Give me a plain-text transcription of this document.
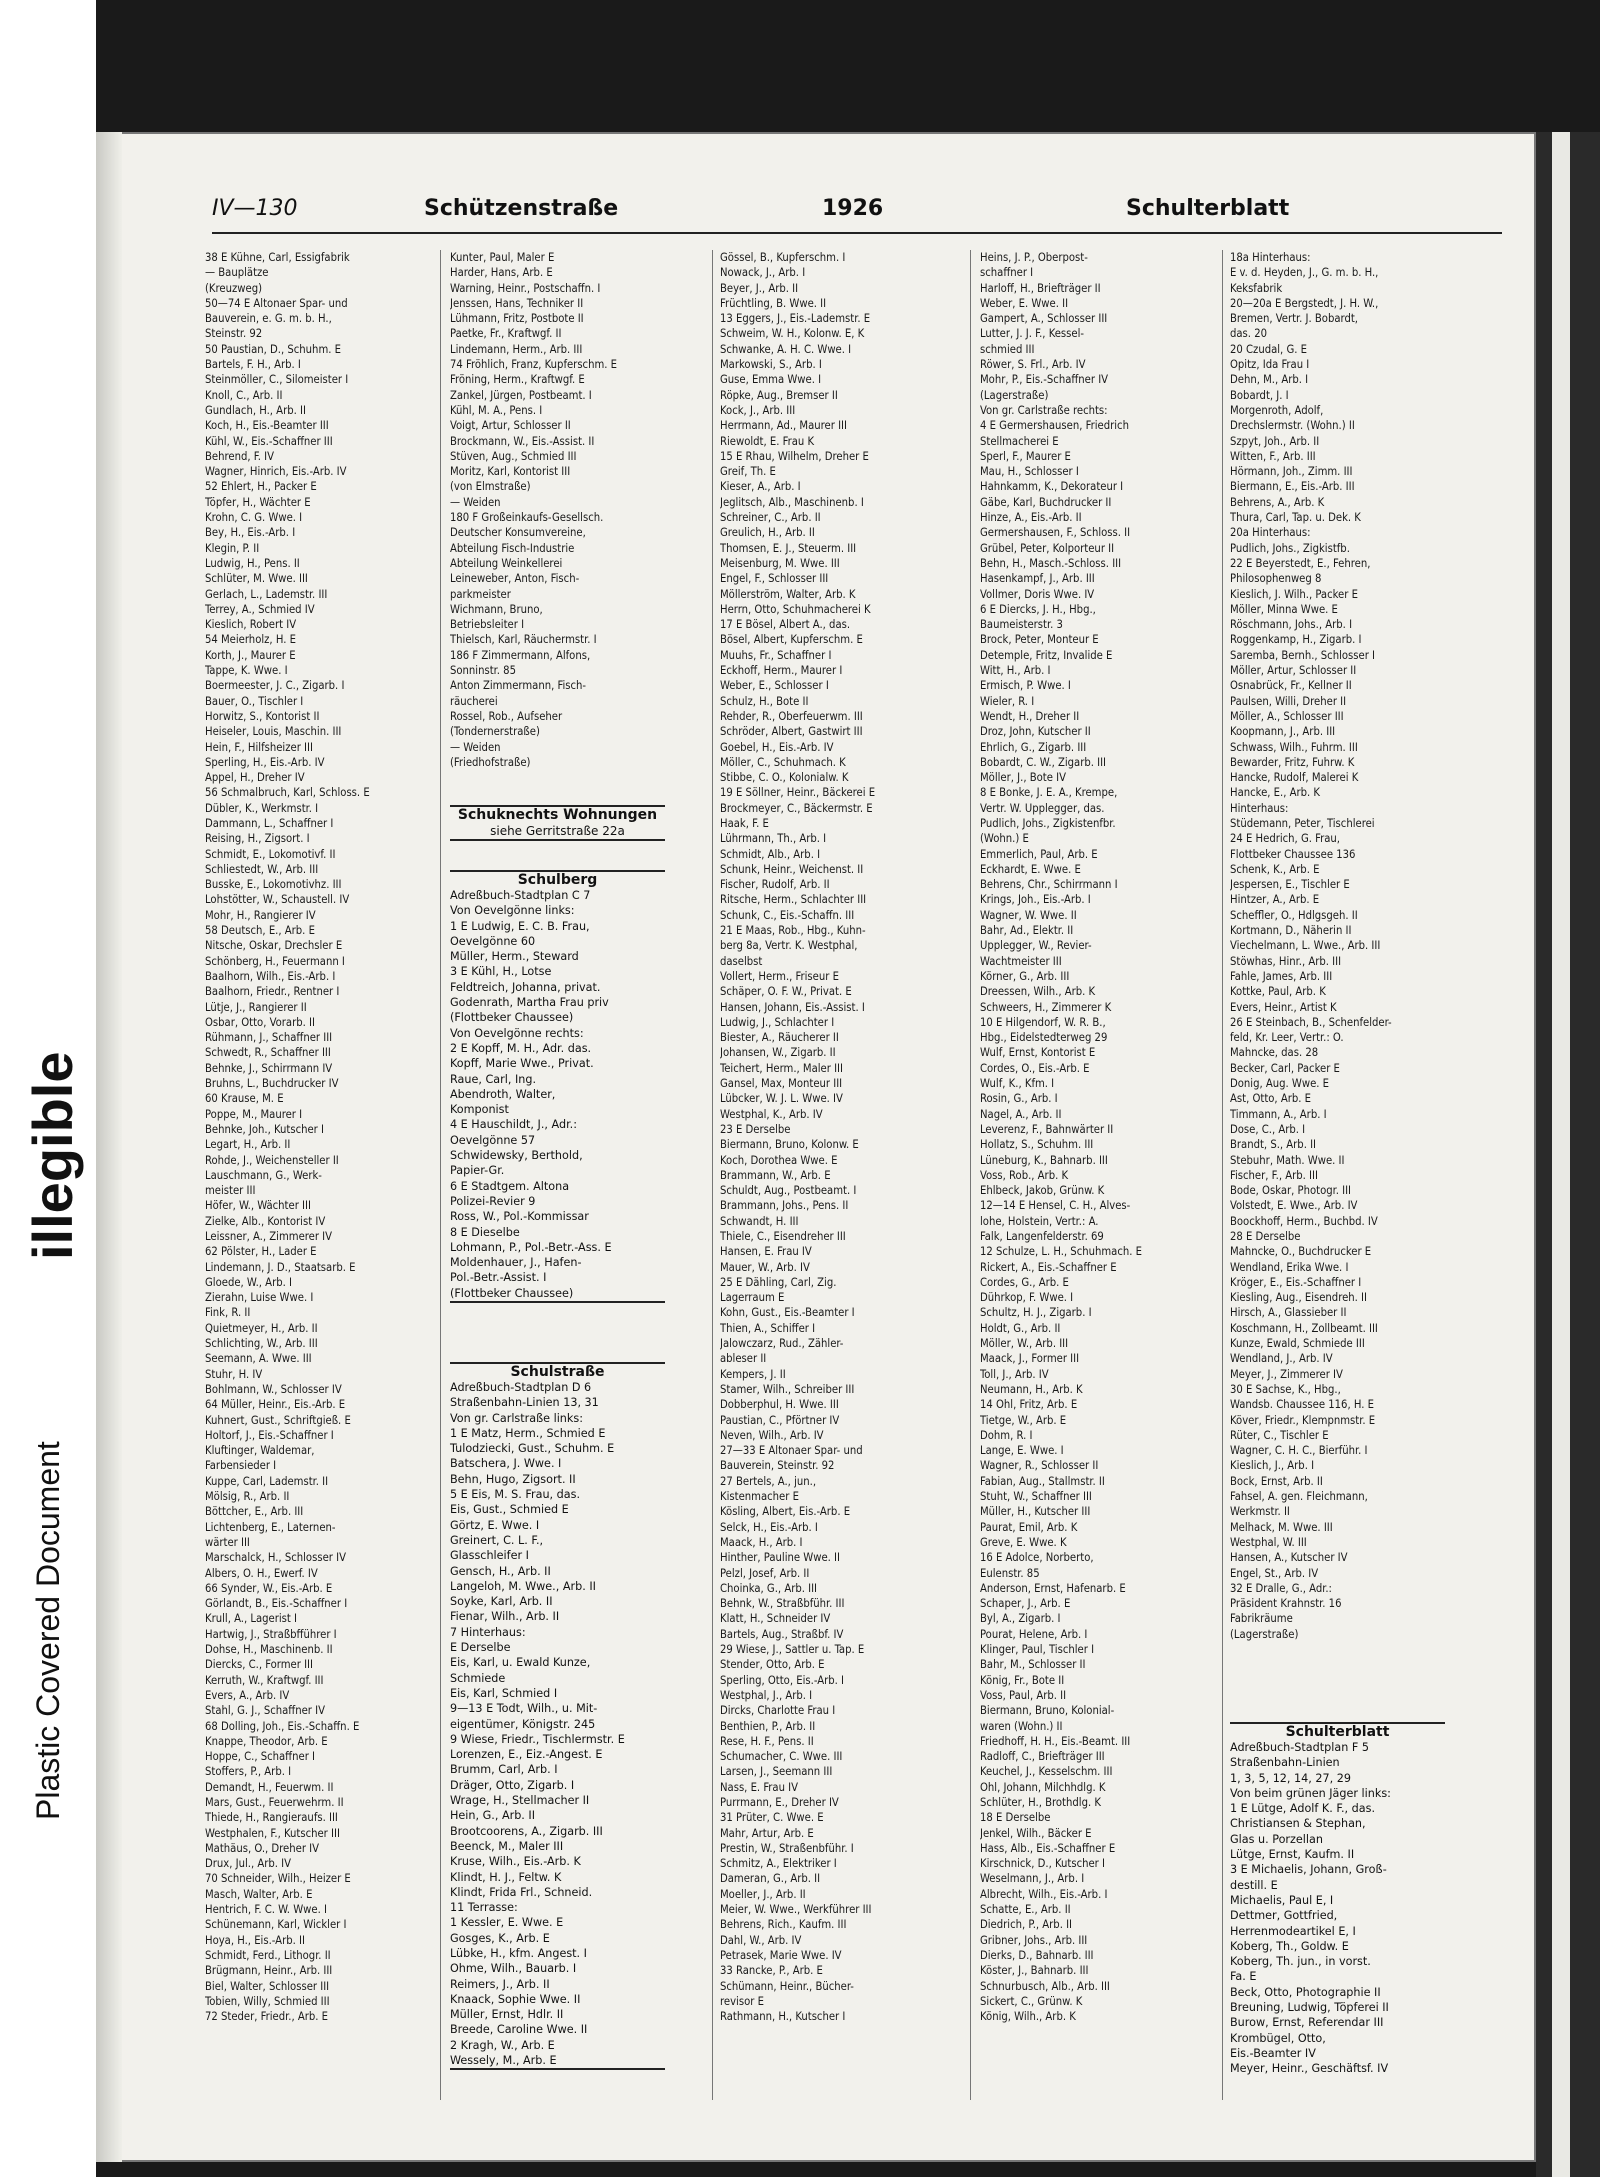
illegible
Plastic Covered Document
IV—130	Schützenstraße	1926	Schulterblatt

38 E Kühne, Carl, Essigfabrik

— Bauplätze

(Kreuzweg)

50—74 E Altonaer Spar- und

Bauverein, e. G. m. b. H.,

Steinstr. 92

50 Paustian, D., Schuhm. E

Bartels, F. H., Arb. I

Steinmöller, C., Silomeister I

Knoll, C., Arb. II

Gundlach, H., Arb. II

Koch, H., Eis.-Beamter III

Kühl, W., Eis.-Schaffner III

Behrend, F. IV

Wagner, Hinrich, Eis.-Arb. IV

52 Ehlert, H., Packer E

Töpfer, H., Wächter E

Krohn, C. G. Wwe. I

Bey, H., Eis.-Arb. I

Klegin, P. II

Ludwig, H., Pens. II

Schlüter, M. Wwe. III

Gerlach, L., Lademstr. III

Terrey, A., Schmied IV

Kieslich, Robert IV

54 Meierholz, H. E

Korth, J., Maurer E

Tappe, K. Wwe. I

Boermeester, J. C., Zigarb. I

Bauer, O., Tischler I

Horwitz, S., Kontorist II

Heiseler, Louis, Maschin. III

Hein, F., Hilfsheizer III

Sperling, H., Eis.-Arb. IV

Appel, H., Dreher IV

56 Schmalbruch, Karl, Schloss. E

Dübler, K., Werkmstr. I

Dammann, L., Schaffner I

Reising, H., Zigsort. I

Schmidt, E., Lokomotivf. II

Schliestedt, W., Arb. III

Busske, E., Lokomotivhz. III

Lohstötter, W., Schaustell. IV

Mohr, H., Rangierer IV

58 Deutsch, E., Arb. E

Nitsche, Oskar, Drechsler E

Schönberg, H., Feuermann I

Baalhorn, Wilh., Eis.-Arb. I

Baalhorn, Friedr., Rentner I

Lütje, J., Rangierer II

Osbar, Otto, Vorarb. II

Rühmann, J., Schaffner III

Schwedt, R., Schaffner III

Behnke, J., Schirrmann IV

Bruhns, L., Buchdrucker IV

60 Krause, M. E

Poppe, M., Maurer I

Behnke, Joh., Kutscher I

Legart, H., Arb. II

Rohde, J., Weichensteller II

Lauschmann, G., Werk-

meister III

Höfer, W., Wächter III

Zielke, Alb., Kontorist IV

Leissner, A., Zimmerer IV

62 Pölster, H., Lader E

Lindemann, J. D., Staatsarb. E

Gloede, W., Arb. I

Zierahn, Luise Wwe. I

Fink, R. II

Quietmeyer, H., Arb. II

Schlichting, W., Arb. III

Seemann, A. Wwe. III

Stuhr, H. IV

Bohlmann, W., Schlosser IV

64 Müller, Heinr., Eis.-Arb. E

Kuhnert, Gust., Schriftgieß. E

Holtorf, J., Eis.-Schaffner I

Kluftinger, Waldemar,

Farbensieder I

Kuppe, Carl, Lademstr. II

Mölsig, R., Arb. II

Böttcher, E., Arb. III

Lichtenberg, E., Laternen-

wärter III

Marschalck, H., Schlosser IV

Albers, O. H., Ewerf. IV

66 Synder, W., Eis.-Arb. E

Görlandt, B., Eis.-Schaffner I

Krull, A., Lagerist I

Hartwig, J., Straßbfführer I

Dohse, H., Maschinenb. II

Diercks, C., Former III

Kerruth, W., Kraftwgf. III

Evers, A., Arb. IV

Stahl, G. J., Schaffner IV

68 Dolling, Joh., Eis.-Schaffn. E

Knappe, Theodor, Arb. E

Hoppe, C., Schaffner I

Stoffers, P., Arb. I

Demandt, H., Feuerwm. II

Mars, Gust., Feuerwehrm. II

Thiede, H., Rangieraufs. III

Westphalen, F., Kutscher III

Mathäus, O., Dreher IV

Drux, Jul., Arb. IV

70 Schneider, Wilh., Heizer E

Masch, Walter, Arb. E

Hentrich, F. C. W. Wwe. I

Schünemann, Karl, Wickler I

Hoya, H., Eis.-Arb. II

Schmidt, Ferd., Lithogr. II

Brügmann, Heinr., Arb. III

Biel, Walter, Schlosser III

Tobien, Willy, Schmied III

72 Steder, Friedr., Arb. E

Kunter, Paul, Maler E

Harder, Hans, Arb. E

Warning, Heinr., Postschaffn. I

Jenssen, Hans, Techniker II

Lühmann, Fritz, Postbote II

Paetke, Fr., Kraftwgf. II

Lindemann, Herm., Arb. III

74 Fröhlich, Franz, Kupferschm. E

Fröning, Herm., Kraftwgf. E

Zankel, Jürgen, Postbeamt. I

Kühl, M. A., Pens. I

Voigt, Artur, Schlosser II

Brockmann, W., Eis.-Assist. II

Stüven, Aug., Schmied III

Moritz, Karl, Kontorist III

(von Elmstraße)

— Weiden

180 F Großeinkaufs-Gesellsch.

Deutscher Konsumvereine,

Abteilung Fisch-Industrie

Abteilung Weinkellerei

Leineweber, Anton, Fisch-

parkmeister

Wichmann, Bruno,

Betriebsleiter I

Thielsch, Karl, Räuchermstr. I

186 F Zimmermann, Alfons,

Sonninstr. 85

Anton Zimmermann, Fisch-

räucherei

Rossel, Rob., Aufseher

(Tondernerstraße)

— Weiden

(Friedhofstraße)

Gössel, B., Kupferschm. I

Nowack, J., Arb. I

Beyer, J., Arb. II

Früchtling, B. Wwe. II

13 Eggers, J., Eis.-Lademstr. E

Schweim, W. H., Kolonw. E, K

Schwanke, A. H. C. Wwe. I

Markowski, S., Arb. I

Guse, Emma Wwe. I

Röpke, Aug., Bremser II

Kock, J., Arb. III

Herrmann, Ad., Maurer III

Riewoldt, E. Frau K

15 E Rhau, Wilhelm, Dreher E

Greif, Th. E

Kieser, A., Arb. I

Jeglitsch, Alb., Maschinenb. I

Schreiner, C., Arb. II

Greulich, H., Arb. II

Thomsen, E. J., Steuerm. III

Meisenburg, M. Wwe. III

Engel, F., Schlosser III

Möllerström, Walter, Arb. K

Herrn, Otto, Schuhmacherei K

17 E Bösel, Albert A., das.

Bösel, Albert, Kupferschm. E

Muuhs, Fr., Schaffner I

Eckhoff, Herm., Maurer I

Weber, E., Schlosser I

Schulz, H., Bote II

Rehder, R., Oberfeuerwm. III

Schröder, Albert, Gastwirt III

Goebel, H., Eis.-Arb. IV

Möller, C., Schuhmach. K

Stibbe, C. O., Kolonialw. K

19 E Söllner, Heinr., Bäckerei E

Brockmeyer, C., Bäckermstr. E

Haak, F. E

Lührmann, Th., Arb. I

Schmidt, Alb., Arb. I

Schunk, Heinr., Weichenst. II

Fischer, Rudolf, Arb. II

Ritsche, Herm., Schlachter III

Schunk, C., Eis.-Schaffn. III

21 E Maas, Rob., Hbg., Kuhn-

berg 8a, Vertr. K. Westphal,

daselbst

Vollert, Herm., Friseur E

Schäper, O. F. W., Privat. E

Hansen, Johann, Eis.-Assist. I

Ludwig, J., Schlachter I

Biester, A., Räucherer II

Johansen, W., Zigarb. II

Teichert, Herm., Maler III

Gansel, Max, Monteur III

Lübcker, W. J. L. Wwe. IV

Westphal, K., Arb. IV

23 E Derselbe

Biermann, Bruno, Kolonw. E

Koch, Dorothea Wwe. E

Brammann, W., Arb. E

Schuldt, Aug., Postbeamt. I

Brammann, Johs., Pens. II

Schwandt, H. III

Thiele, C., Eisendreher III

Hansen, E. Frau IV

Mauer, W., Arb. IV

25 E Dähling, Carl, Zig.

Lagerraum E

Kohn, Gust., Eis.-Beamter I

Thien, A., Schiffer I

Jalowczarz, Rud., Zähler-

ableser II

Kempers, J. II

Stamer, Wilh., Schreiber III

Dobberphul, H. Wwe. III

Paustian, C., Pförtner IV

Neven, Wilh., Arb. IV

27—33 E Altonaer Spar- und

Bauverein, Steinstr. 92

27 Bertels, A., jun.,

Kistenmacher E

Kösling, Albert, Eis.-Arb. E

Selck, H., Eis.-Arb. I

Maack, H., Arb. I

Hinther, Pauline Wwe. II

Pelzl, Josef, Arb. II

Choinka, G., Arb. III

Behnk, W., Straßbführ. III

Klatt, H., Schneider IV

Bartels, Aug., Straßbf. IV

29 Wiese, J., Sattler u. Tap. E

Stender, Otto, Arb. E

Sperling, Otto, Eis.-Arb. I

Westphal, J., Arb. I

Dircks, Charlotte Frau I

Benthien, P., Arb. II

Rese, H. F., Pens. II

Schumacher, C. Wwe. III

Larsen, J., Seemann III

Nass, E. Frau IV

Purrmann, E., Dreher IV

31 Prüter, C. Wwe. E

Mahr, Artur, Arb. E

Prestin, W., Straßenbführ. I

Schmitz, A., Elektriker I

Dameran, G., Arb. II

Moeller, J., Arb. II

Meier, W. Wwe., Werkführer III

Behrens, Rich., Kaufm. III

Dahl, W., Arb. IV

Petrasek, Marie Wwe. IV

33 Rancke, P., Arb. E

Schümann, Heinr., Bücher-

revisor E

Rathmann, H., Kutscher I

Heins, J. P., Oberpost-

schaffner I

Harloff, H., Briefträger II

Weber, E. Wwe. II

Gampert, A., Schlosser III

Lutter, J. J. F., Kessel-

schmied III

Röwer, S. Frl., Arb. IV

Mohr, P., Eis.-Schaffner IV

(Lagerstraße)

Von gr. Carlstraße rechts:

4 E Germershausen, Friedrich

Stellmacherei E

Sperl, F., Maurer E

Mau, H., Schlosser I

Hahnkamm, K., Dekorateur I

Gäbe, Karl, Buchdrucker II

Hinze, A., Eis.-Arb. II

Germershausen, F., Schloss. II

Grübel, Peter, Kolporteur II

Behn, H., Masch.-Schloss. III

Hasenkampf, J., Arb. III

Vollmer, Doris Wwe. IV

6 E Diercks, J. H., Hbg.,

Baumeisterstr. 3

Brock, Peter, Monteur E

Detemple, Fritz, Invalide E

Witt, H., Arb. I

Ermisch, P. Wwe. I

Wieler, R. I

Wendt, H., Dreher II

Droz, John, Kutscher II

Ehrlich, G., Zigarb. III

Bobardt, C. W., Zigarb. III

Möller, J., Bote IV

8 E Bonke, J. E. A., Krempe,

Vertr. W. Upplegger, das.

Pudlich, Johs., Zigkistenfbr.

(Wohn.) E

Emmerlich, Paul, Arb. E

Eckhardt, E. Wwe. E

Behrens, Chr., Schirrmann I

Krings, Joh., Eis.-Arb. I

Wagner, W. Wwe. II

Bahr, Ad., Elektr. II

Upplegger, W., Revier-

Wachtmeister III

Körner, G., Arb. III

Dreessen, Wilh., Arb. K

Schweers, H., Zimmerer K

10 E Hilgendorf, W. R. B.,

Hbg., Eidelstedterweg 29

Wulf, Ernst, Kontorist E

Cordes, O., Eis.-Arb. E

Wulf, K., Kfm. I

Rosin, G., Arb. I

Nagel, A., Arb. II

Leverenz, F., Bahnwärter II

Hollatz, S., Schuhm. III

Lüneburg, K., Bahnarb. III

Voss, Rob., Arb. K

Ehlbeck, Jakob, Grünw. K

12—14 E Hensel, C. H., Alves-

lohe, Holstein, Vertr.: A.

Falk, Langenfelderstr. 69

12 Schulze, L. H., Schuhmach. E

Rickert, A., Eis.-Schaffner E

Cordes, G., Arb. E

Dührkop, F. Wwe. I

Schultz, H. J., Zigarb. I

Holdt, G., Arb. II

Möller, W., Arb. III

Maack, J., Former III

Toll, J., Arb. IV

Neumann, H., Arb. K

14 Ohl, Fritz, Arb. E

Tietge, W., Arb. E

Dohm, R. I

Lange, E. Wwe. I

Wagner, R., Schlosser II

Fabian, Aug., Stallmstr. II

Stuht, W., Schaffner III

Müller, H., Kutscher III

Paurat, Emil, Arb. K

Greve, E. Wwe. K

16 E Adolce, Norberto,

Eulenstr. 85

Anderson, Ernst, Hafenarb. E

Schaper, J., Arb. E

Byl, A., Zigarb. I

Pourat, Helene, Arb. I

Klinger, Paul, Tischler I

Bahr, M., Schlosser II

König, Fr., Bote II

Voss, Paul, Arb. II

Biermann, Bruno, Kolonial-

waren (Wohn.) II

Friedhoff, H. H., Eis.-Beamt. III

Radloff, C., Briefträger III

Keuchel, J., Kesselschm. III

Ohl, Johann, Milchhdlg. K

Schlüter, H., Brothdlg. K

18 E Derselbe

Jenkel, Wilh., Bäcker E

Hass, Alb., Eis.-Schaffner E

Kirschnick, D., Kutscher I

Weselmann, J., Arb. I

Albrecht, Wilh., Eis.-Arb. I

Schatte, E., Arb. II

Diedrich, P., Arb. II

Gribner, Johs., Arb. III

Dierks, D., Bahnarb. III

Köster, J., Bahnarb. III

Schnurbusch, Alb., Arb. III

Sickert, C., Grünw. K

König, Wilh., Arb. K

18a Hinterhaus:

E v. d. Heyden, J., G. m. b. H.,

Keksfabrik

20—20a E Bergstedt, J. H. W.,

Bremen, Vertr. J. Bobardt,

das. 20

20 Czudal, G. E

Opitz, Ida Frau I

Dehn, M., Arb. I

Bobardt, J. I

Morgenroth, Adolf,

Drechslermstr. (Wohn.) II

Szpyt, Joh., Arb. II

Witten, F., Arb. III

Hörmann, Joh., Zimm. III

Biermann, E., Eis.-Arb. III

Behrens, A., Arb. K

Thura, Carl, Tap. u. Dek. K

20a Hinterhaus:

Pudlich, Johs., Zigkistfb.

22 E Beyerstedt, E., Fehren,

Philosophenweg 8

Kieslich, J. Wilh., Packer E

Möller, Minna Wwe. E

Röschmann, Johs., Arb. I

Roggenkamp, H., Zigarb. I

Saremba, Bernh., Schlosser I

Möller, Artur, Schlosser II

Osnabrück, Fr., Kellner II

Paulsen, Willi, Dreher II

Möller, A., Schlosser III

Koopmann, J., Arb. III

Schwass, Wilh., Fuhrm. III

Bewarder, Fritz, Fuhrw. K

Hancke, Rudolf, Malerei K

Hancke, E., Arb. K

Hinterhaus:

Stüdemann, Peter, Tischlerei

24 E Hedrich, G. Frau,

Flottbeker Chaussee 136

Schenk, K., Arb. E

Jespersen, E., Tischler E

Hintzer, A., Arb. E

Scheffler, O., Hdlgsgeh. II

Kortmann, D., Näherin II

Viechelmann, L. Wwe., Arb. III

Stöwhas, Hinr., Arb. III

Fahle, James, Arb. III

Kottke, Paul, Arb. K

Evers, Heinr., Artist K

26 E Steinbach, B., Schenfelder-

feld, Kr. Leer, Vertr.: O.

Mahncke, das. 28

Becker, Carl, Packer E

Donig, Aug. Wwe. E

Ast, Otto, Arb. E

Timmann, A., Arb. I

Dose, C., Arb. I

Brandt, S., Arb. II

Stebuhr, Math. Wwe. II

Fischer, F., Arb. III

Bode, Oskar, Photogr. III

Volstedt, E. Wwe., Arb. IV

Boockhoff, Herm., Buchbd. IV

28 E Derselbe

Mahncke, O., Buchdrucker E

Wendland, Erika Wwe. I

Kröger, E., Eis.-Schaffner I

Kiesling, Aug., Eisendreh. II

Hirsch, A., Glassieber II

Koschmann, H., Zollbeamt. III

Kunze, Ewald, Schmiede III

Wendland, J., Arb. IV

Meyer, J., Zimmerer IV

30 E Sachse, K., Hbg.,

Wandsb. Chaussee 116, H. E

Köver, Friedr., Klempnmstr. E

Rüter, C., Tischler E

Wagner, C. H. C., Bierführ. I

Kieslich, J., Arb. I

Bock, Ernst, Arb. II

Fahsel, A. gen. Fleichmann,

Werkmstr. II

Melhack, M. Wwe. III

Westphal, W. III

Hansen, A., Kutscher IV

Engel, St., Arb. IV

32 E Dralle, G., Adr.:

Präsident Krahnstr. 16

Fabrikräume

(Lagerstraße)

Schuknechts Wohnungen
siehe Gerritstraße 22a
Schulberg

Adreßbuch-Stadtplan C 7

Von Oevelgönne links:

1 E Ludwig, E. C. B. Frau,

Oevelgönne 60

Müller, Herm., Steward

3 E Kühl, H., Lotse

Feldtreich, Johanna, privat.

Godenrath, Martha Frau priv

(Flottbeker Chaussee)

Von Oevelgönne rechts:

2 E Kopff, M. H., Adr. das.

Kopff, Marie Wwe., Privat.

Raue, Carl, Ing.

Abendroth, Walter,

Komponist

4 E Hauschildt, J., Adr.:

Oevelgönne 57

Schwidewsky, Berthold,

Papier-Gr.

6 E Stadtgem. Altona

Polizei-Revier 9

Ross, W., Pol.-Kommissar

8 E Dieselbe

Lohmann, P., Pol.-Betr.-Ass. E

Moldenhauer, J., Hafen-

Pol.-Betr.-Assist. I

(Flottbeker Chaussee)

Schulstraße

Adreßbuch-Stadtplan D 6

Straßenbahn-Linien 13, 31

Von gr. Carlstraße links:

1 E Matz, Herm., Schmied E

Tulodziecki, Gust., Schuhm. E

Batschera, J. Wwe. I

Behn, Hugo, Zigsort. II

5 E Eis, M. S. Frau, das.

Eis, Gust., Schmied E

Görtz, E. Wwe. I

Greinert, C. L. F.,

Glasschleifer I

Gensch, H., Arb. II

Langeloh, M. Wwe., Arb. II

Soyke, Karl, Arb. II

Fienar, Wilh., Arb. II

7 Hinterhaus:

E Derselbe

Eis, Karl, u. Ewald Kunze,

Schmiede

Eis, Karl, Schmied I

9—13 E Todt, Wilh., u. Mit-

eigentümer, Königstr. 245

9 Wiese, Friedr., Tischlermstr. E

Lorenzen, E., Eiz.-Angest. E

Brumm, Carl, Arb. I

Dräger, Otto, Zigarb. I

Wrage, H., Stellmacher II

Hein, G., Arb. II

Brootcoorens, A., Zigarb. III

Beenck, M., Maler III

Kruse, Wilh., Eis.-Arb. K

Klindt, H. J., Feltw. K

Klindt, Frida Frl., Schneid.

11 Terrasse:

1 Kessler, E. Wwe. E

Gosges, K., Arb. E

Lübke, H., kfm. Angest. I

Ohme, Wilh., Bauarb. I

Reimers, J., Arb. II

Knaack, Sophie Wwe. II

Müller, Ernst, Hdlr. II

Breede, Caroline Wwe. II

2 Kragh, W., Arb. E

Wessely, M., Arb. E

Schulterblatt

Adreßbuch-Stadtplan F 5

Straßenbahn-Linien

1, 3, 5, 12, 14, 27, 29

Von beim grünen Jäger links:

1 E Lütge, Adolf K. F., das.

Christiansen & Stephan,

Glas u. Porzellan

Lütge, Ernst, Kaufm. II

3 E Michaelis, Johann, Groß-

destill. E

Michaelis, Paul E, I

Dettmer, Gottfried,

Herrenmodeartikel E, I

Koberg, Th., Goldw. E

Koberg, Th. jun., in vorst.

Fa. E

Beck, Otto, Photographie II

Breuning, Ludwig, Töpferei II

Burow, Ernst, Referendar III

Krombügel, Otto,

Eis.-Beamter IV

Meyer, Heinr., Geschäftsf. IV
